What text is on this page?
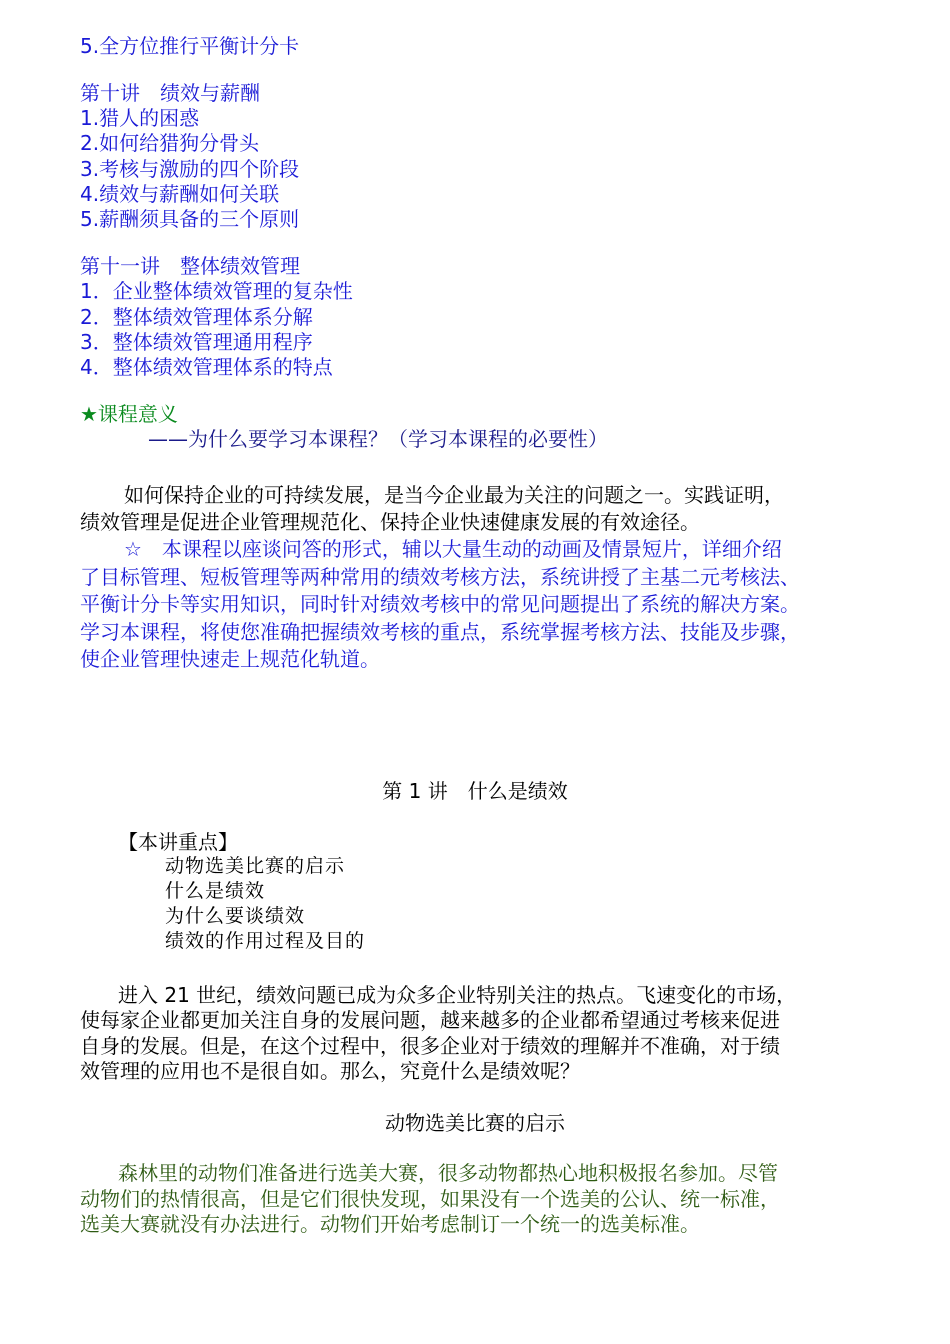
5.全方位推行平衡计分卡
第十讲　绩效与薪酬
1.猎人的困惑
2.如何给猎狗分骨头
3.考核与激励的四个阶段
4.绩效与薪酬如何关联
5.薪酬须具备的三个原则
第十一讲　整体绩效管理
1．企业整体绩效管理的复杂性
2．整体绩效管理体系分解
3．整体绩效管理通用程序
4．整体绩效管理体系的特点
★课程意义
——为什么要学习本课程？（学习本课程的必要性）
如何保持企业的可持续发展，是当今企业最为关注的问题之一。实践证明，
绩效管理是促进企业管理规范化、保持企业快速健康发展的有效途径。
☆　本课程以座谈问答的形式，辅以大量生动的动画及情景短片，详细介绍
了目标管理、短板管理等两种常用的绩效考核方法，系统讲授了主基二元考核法、
平衡计分卡等实用知识，同时针对绩效考核中的常见问题提出了系统的解决方案。
学习本课程，将使您准确把握绩效考核的重点，系统掌握考核方法、技能及步骤，
使企业管理快速走上规范化轨道。
第 1 讲　什么是绩效
【本讲重点】
动物选美比赛的启示
什么是绩效
为什么要谈绩效
绩效的作用过程及目的
进入 21 世纪，绩效问题已成为众多企业特别关注的热点。飞速变化的市场，
使每家企业都更加关注自身的发展问题，越来越多的企业都希望通过考核来促进
自身的发展。但是，在这个过程中，很多企业对于绩效的理解并不准确，对于绩
效管理的应用也不是很自如。那么，究竟什么是绩效呢？
动物选美比赛的启示
森林里的动物们准备进行选美大赛，很多动物都热心地积极报名参加。尽管
动物们的热情很高，但是它们很快发现，如果没有一个选美的公认、统一标准，
选美大赛就没有办法进行。动物们开始考虑制订一个统一的选美标准。
